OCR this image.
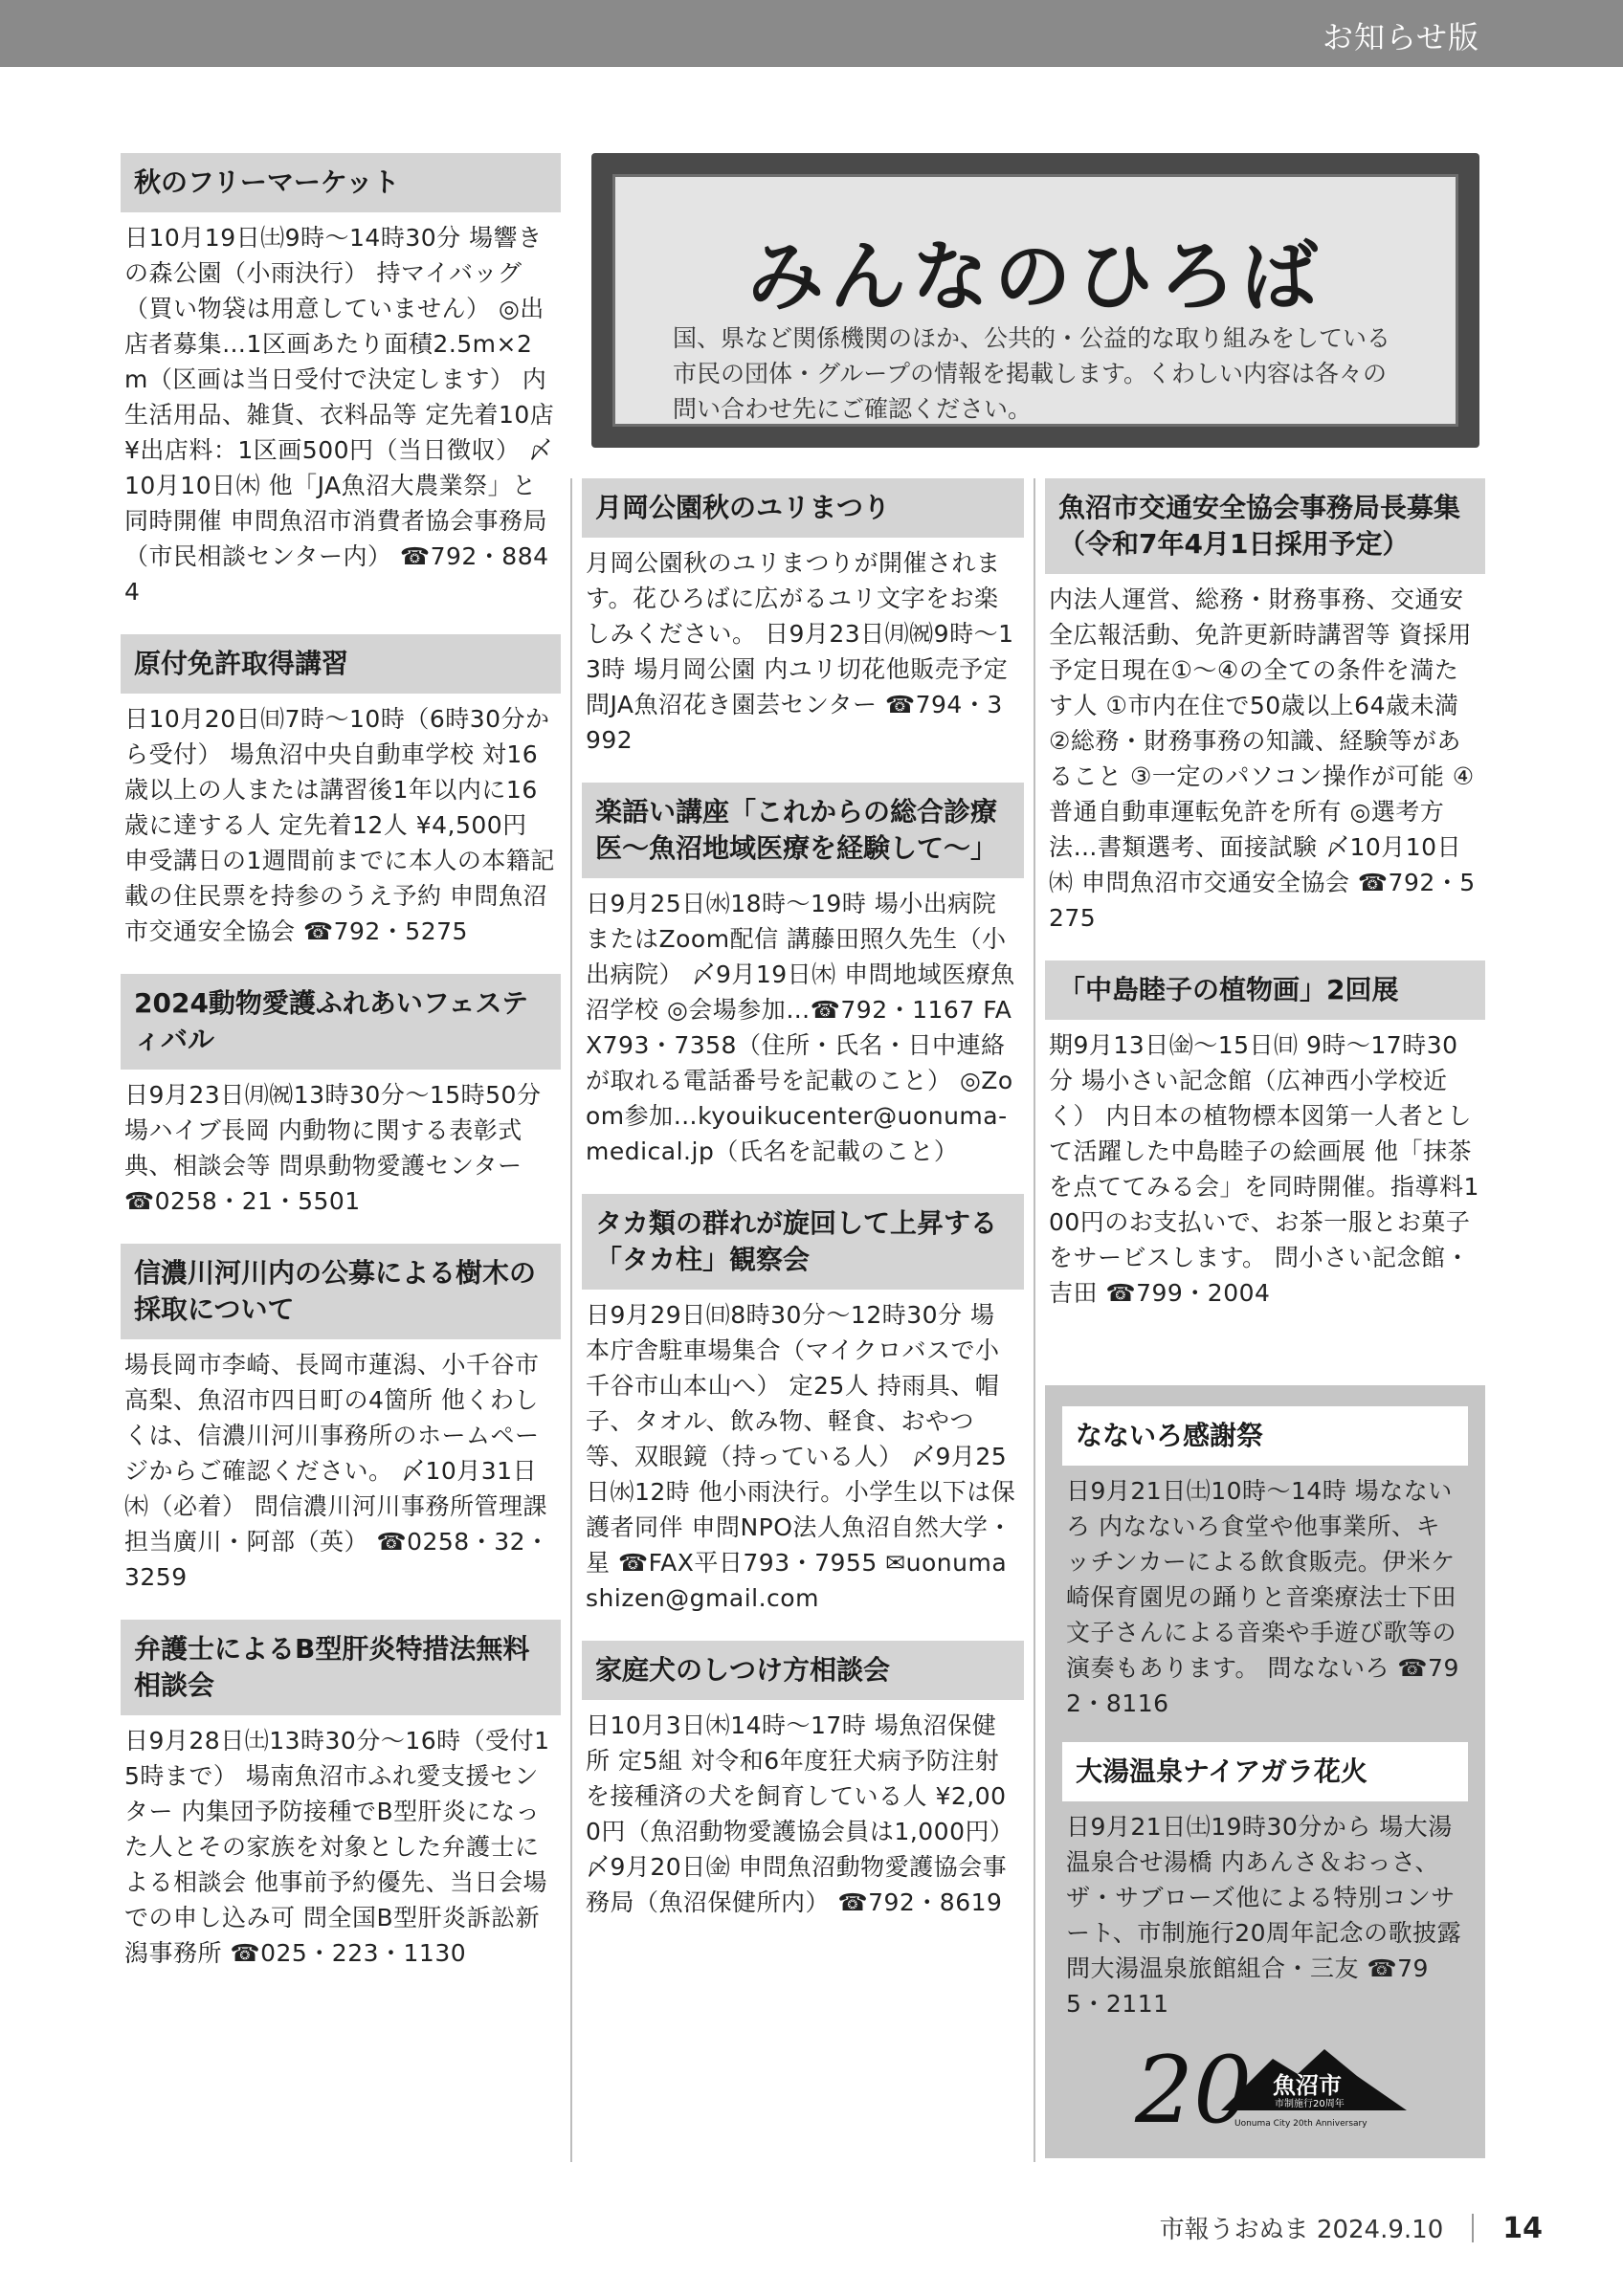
お知らせ版
みんなのひろば
国、県など関係機関のほか、公共的・公益的な取り組みをしている市民の団体・グループの情報を掲載します。くわしい内容は各々の問い合わせ先にご確認ください。
秋のフリーマーケット
日10月19日㈯9時〜14時30分 場響きの森公園（小雨決行） 持マイバッグ（買い物袋は用意していません） ◎出店者募集…1区画あたり面積2.5m×2m（区画は当日受付で決定します） 内生活用品、雑貨、衣料品等 定先着10店 ¥出店料：1区画500円（当日徴収） 〆10月10日㈭ 他「JA魚沼大農業祭」と同時開催 申問魚沼市消費者協会事務局（市民相談センター内） ☎792・8844
原付免許取得講習
日10月20日㈰7時〜10時（6時30分から受付） 場魚沼中央自動車学校 対16歳以上の人または講習後1年以内に16歳に達する人 定先着12人 ¥4,500円 申受講日の1週間前までに本人の本籍記載の住民票を持参のうえ予約 申問魚沼市交通安全協会 ☎792・5275
2024動物愛護ふれあいフェスティバル
日9月23日㈪㈷13時30分〜15時50分 場ハイブ長岡 内動物に関する表彰式典、相談会等 問県動物愛護センター ☎0258・21・5501
信濃川河川内の公募による樹木の採取について
場長岡市李崎、長岡市蓮潟、小千谷市高梨、魚沼市四日町の4箇所 他くわしくは、信濃川河川事務所のホームページからご確認ください。 〆10月31日㈭（必着） 問信濃川河川事務所管理課 担当廣川・阿部（英） ☎0258・32・3259
弁護士によるB型肝炎特措法無料相談会
日9月28日㈯13時30分〜16時（受付15時まで） 場南魚沼市ふれ愛支援センター 内集団予防接種でB型肝炎になった人とその家族を対象とした弁護士による相談会 他事前予約優先、当日会場での申し込み可 問全国B型肝炎訴訟新潟事務所 ☎025・223・1130
月岡公園秋のユリまつり
月岡公園秋のユリまつりが開催されます。花ひろばに広がるユリ文字をお楽しみください。 日9月23日㈪㈷9時〜13時 場月岡公園 内ユリ切花他販売予定 問JA魚沼花き園芸センター ☎794・3992
楽語い講座「これからの総合診療医〜魚沼地域医療を経験して〜」
日9月25日㈬18時〜19時 場小出病院またはZoom配信 講藤田照久先生（小出病院） 〆9月19日㈭ 申問地域医療魚沼学校 ◎会場参加…☎792・1167 FAX793・7358（住所・氏名・日中連絡が取れる電話番号を記載のこと） ◎Zoom参加…kyouikucenter@uonuma-medical.jp（氏名を記載のこと）
タカ類の群れが旋回して上昇する「タカ柱」観察会
日9月29日㈰8時30分〜12時30分 場本庁舎駐車場集合（マイクロバスで小千谷市山本山へ） 定25人 持雨具、帽子、タオル、飲み物、軽食、おやつ等、双眼鏡（持っている人） 〆9月25日㈬12時 他小雨決行。小学生以下は保護者同伴 申問NPO法人魚沼自然大学・星 ☎FAX平日793・7955 ✉uonumashizen@gmail.com
家庭犬のしつけ方相談会
日10月3日㈭14時〜17時 場魚沼保健所 定5組 対令和6年度狂犬病予防注射を接種済の犬を飼育している人 ¥2,000円（魚沼動物愛護協会員は1,000円） 〆9月20日㈮ 申問魚沼動物愛護協会事務局（魚沼保健所内） ☎792・8619
魚沼市交通安全協会事務局長募集（令和7年4月1日採用予定）
内法人運営、総務・財務事務、交通安全広報活動、免許更新時講習等 資採用予定日現在①〜④の全ての条件を満たす人 ①市内在住で50歳以上64歳未満 ②総務・財務事務の知識、経験等があること ③一定のパソコン操作が可能 ④普通自動車運転免許を所有 ◎選考方法…書類選考、面接試験 〆10月10日㈭ 申問魚沼市交通安全協会 ☎792・5275
「中島睦子の植物画」2回展
期9月13日㈮〜15日㈰ 9時〜17時30分 場小さい記念館（広神西小学校近く） 内日本の植物標本図第一人者として活躍した中島睦子の絵画展 他「抹茶を点ててみる会」を同時開催。指導料100円のお支払いで、お茶一服とお菓子をサービスします。 問小さい記念館・吉田 ☎799・2004
なないろ感謝祭
日9月21日㈯10時〜14時 場なないろ 内なないろ食堂や他事業所、キッチンカーによる飲食販売。伊米ケ崎保育園児の踊りと音楽療法士下田文子さんによる音楽や手遊び歌等の演奏もあります。 問なないろ ☎792・8116
大湯温泉ナイアガラ花火
日9月21日㈯19時30分から 場大湯温泉合せ湯橋 内あんさ＆おっさ、ザ・サブローズ他による特別コンサート、市制施行20周年記念の歌披露 問大湯温泉旅館組合・三友 ☎795・2111
20 魚沼市
市制施行20周年
Uonuma City 20th Anniversary
市報うおぬま 2024.9.10 14
